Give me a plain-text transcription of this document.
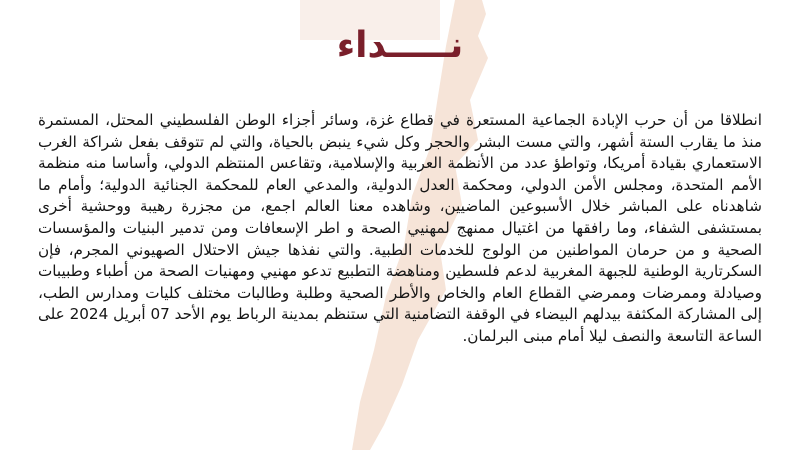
نـــــداء

انطلاقا من أن حرب الإبادة الجماعية المستعرة في قطاع غزة، وسائر أجزاء الوطن الفلسطيني المحتل، المستمرة منذ ما يقارب الستة أشهر، والتي مست البشر والحجر وكل شيء ينبض بالحياة، والتي لم تتوقف بفعل شراكة الغرب الاستعماري بقيادة أمريكا، وتواطؤ عدد من الأنظمة العربية والإسلامية، وتقاعس المنتظم الدولي، وأساسا منه منظمة الأمم المتحدة، ومجلس الأمن الدولي، ومحكمة العدل الدولية، والمدعي العام للمحكمة الجنائية الدولية؛ وأمام ما شاهدناه على المباشر خلال الأسبوعين الماضيين، وشاهده معنا العالم اجمع، من مجزرة رهيبة ووحشية أخرى بمستشفى الشفاء، وما رافقها من اغتيال ممنهج لمهنيي الصحة و اطر الإسعافات ومن تدمير البنيات والمؤسسات الصحية و من حرمان المواطنين من الولوج للخدمات الطبية. والتي نفذها جيش الاحتلال الصهيوني المجرم، فإن السكرتارية الوطنية للجبهة المغربية لدعم فلسطين ومناهضة التطبيع تدعو مهنيي ومهنيات الصحة من أطباء وطبيبات وصيادلة وممرضات وممرضي القطاع العام والخاص والأطر الصحية وطلبة وطالبات مختلف كليات ومدارس الطب، إلى المشاركة المكثفة بيدلهم البيضاء في الوقفة التضامنية التي ستنظم بمدينة الرباط يوم الأحد 07 أبريل 2024 على الساعة التاسعة والنصف ليلا أمام مبنى البرلمان.
